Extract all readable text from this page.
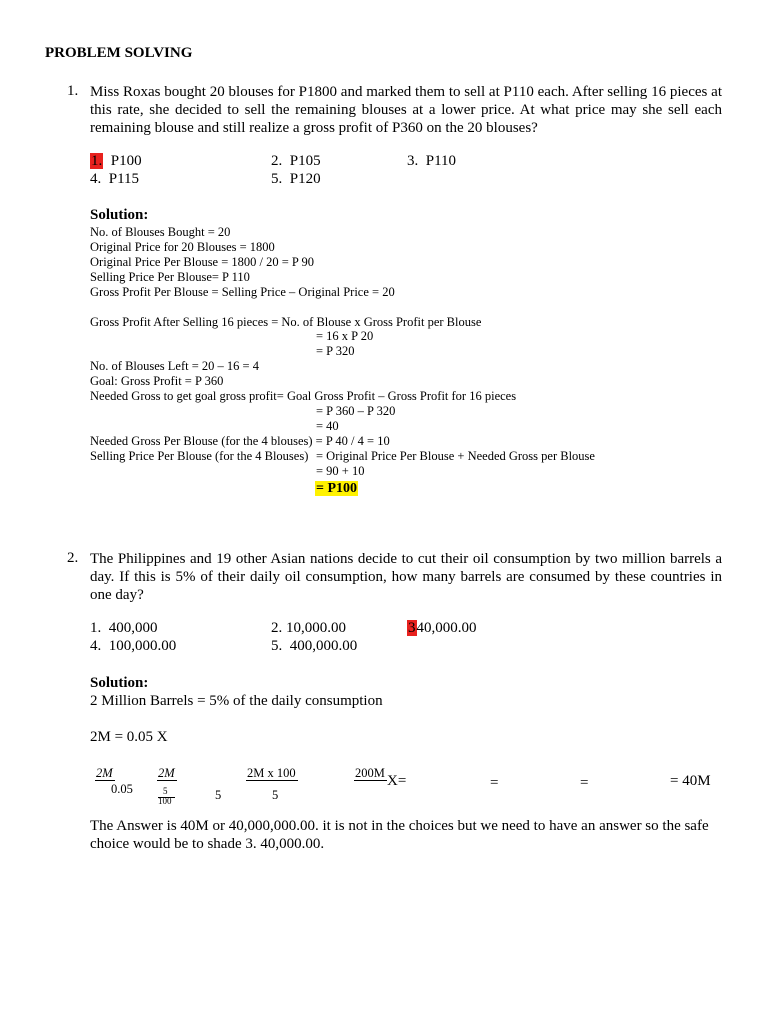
PROBLEM SOLVING
1. Miss Roxas bought 20 blouses for P1800 and marked them to sell at P110 each. After selling 16 pieces at this rate, she decided to sell the remaining blouses at a lower price. At what price may she sell each remaining blouse and still realize a gross profit of P360 on the 20 blouses?
1. P100	2. P105	3. P110
4. P115	5. P120
Solution:
No. of Blouses Bought = 20
Original Price for 20 Blouses = 1800
Original Price Per Blouse = 1800 / 20 = P 90
Selling Price Per Blouse= P 110
Gross Profit Per Blouse = Selling Price – Original Price = 20
Gross Profit After Selling 16 pieces = No. of Blouse x Gross Profit per Blouse
= 16 x P 20
= P 320
No. of Blouses Left = 20 – 16 = 4
Goal: Gross Profit = P 360
Needed Gross to get goal gross profit= Goal Gross Profit – Gross Profit for 16 pieces
= P 360 – P 320
= 40
Needed Gross Per Blouse (for the 4 blouses) = P 40 / 4 = 10
Selling Price Per Blouse (for the 4 Blouses) = Original Price Per Blouse + Needed Gross per Blouse
= 90 + 10
= P100
2. The Philippines and 19 other Asian nations decide to cut their oil consumption by two million barrels a day. If this is 5% of their daily oil consumption, how many barrels are consumed by these countries in one day?
1. 400,000	2. 10,000.00	340,000.00
4. 100,000.00	5. 400,000.00
Solution:
2 Million Barrels = 5% of the daily consumption
2M = 0.05 X
2M
0.05
2M
5
100
2M x 100
5
200M
5
X=	=	=	= 40M
The Answer is 40M or 40,000,000.00. it is not in the choices but we need to have an answer so the safe choice would be to shade 3. 40,000.00.
